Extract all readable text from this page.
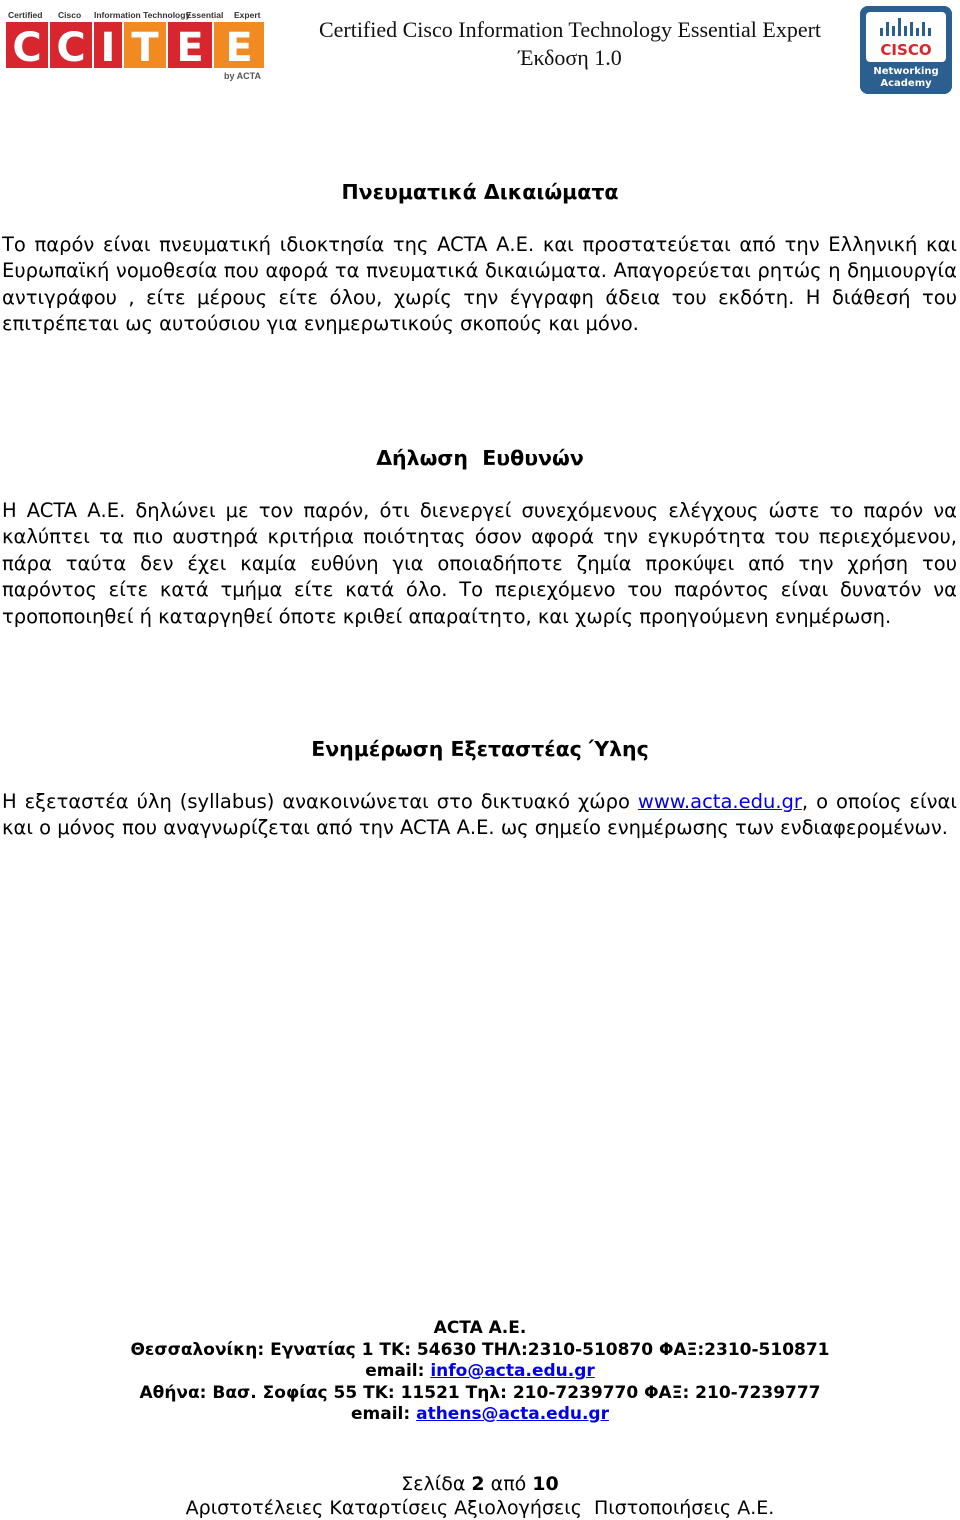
Certified Cisco Information Technology
Essential Expert
C C I T E E
by ACTA
Certified Cisco Information Technology Essential Expert
Έκδοση 1.0	CISCO
Networking
Academy
Πνευματικά Δικαιώματα
Το παρόν είναι πνευματική ιδιοκτησία της ACTA Α.Ε. και προστατεύεται από την Ελληνική και Ευρωπαϊκή νομοθεσία που αφορά τα πνευματικά δικαιώματα. Απαγορεύεται ρητώς η δημιουργία αντιγράφου , είτε μέρους είτε όλου, χωρίς την έγγραφη άδεια του εκδότη. Η διάθεσή του επιτρέπεται ως αυτούσιου για ενημερωτικούς σκοπούς και μόνο.
Δήλωση  Ευθυνών
Η ACTA Α.Ε. δηλώνει με τον παρόν, ότι διενεργεί συνεχόμενους ελέγχους ώστε το παρόν να καλύπτει τα πιο αυστηρά κριτήρια ποιότητας όσον αφορά την εγκυρότητα του περιεχόμενου, πάρα ταύτα δεν έχει καμία ευθύνη για οποιαδήποτε ζημία προκύψει από την χρήση του παρόντος είτε κατά τμήμα είτε κατά όλο. Το περιεχόμενο του παρόντος είναι δυνατόν να τροποποιηθεί ή καταργηθεί όποτε κριθεί απαραίτητο, και χωρίς προηγούμενη ενημέρωση.
Ενημέρωση Εξεταστέας Ύλης
Η εξεταστέα ύλη (syllabus) ανακοινώνεται στο δικτυακό χώρο www.acta.edu.gr, ο οποίος είναι και ο μόνος που αναγνωρίζεται από την ACTA Α.Ε. ως σημείο ενημέρωσης των ενδιαφερομένων.
ACTA Α.Ε.
Θεσσαλονίκη: Εγνατίας 1 ΤΚ: 54630 ΤΗΛ:2310-510870 ΦΑΞ:2310-510871
email: info@acta.edu.gr
Αθήνα: Βασ. Σοφίας 55 ΤΚ: 11521 Τηλ: 210-7239770 ΦΑΞ: 210-7239777
email: athens@acta.edu.gr
Σελίδα 2 από 10
Αριστοτέλειες Καταρτίσεις Αξιολογήσεις  Πιστοποιήσεις Α.Ε.
